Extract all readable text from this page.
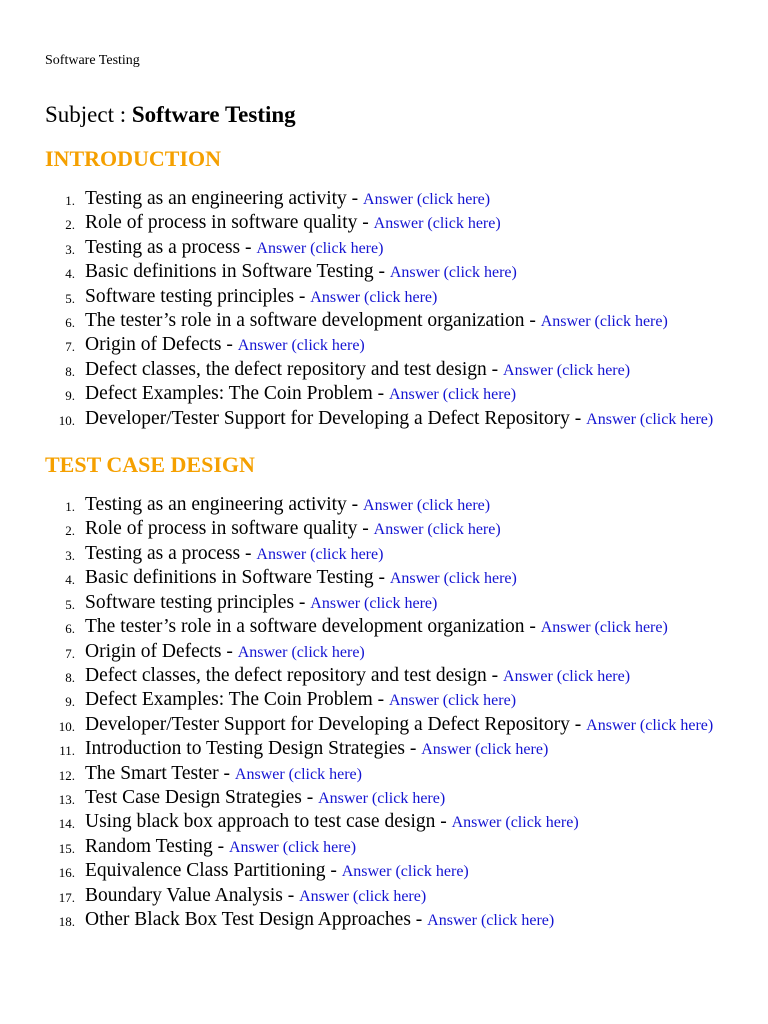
Software Testing

Subject : Software Testing
INTRODUCTION
1. Testing as an engineering activity - Answer (click here)
2. Role of process in software quality - Answer (click here)
3. Testing as a process - Answer (click here)
4. Basic definitions in Software Testing - Answer (click here)
5. Software testing principles - Answer (click here)
6. The tester’s role in a software development organization - Answer (click here)
7. Origin of Defects - Answer (click here)
8. Defect classes, the defect repository and test design - Answer (click here)
9. Defect Examples: The Coin Problem - Answer (click here)
10. Developer/Tester Support for Developing a Defect Repository - Answer (click here)
TEST CASE DESIGN
1. Testing as an engineering activity - Answer (click here)
2. Role of process in software quality - Answer (click here)
3. Testing as a process - Answer (click here)
4. Basic definitions in Software Testing - Answer (click here)
5. Software testing principles - Answer (click here)
6. The tester’s role in a software development organization - Answer (click here)
7. Origin of Defects - Answer (click here)
8. Defect classes, the defect repository and test design - Answer (click here)
9. Defect Examples: The Coin Problem - Answer (click here)
10. Developer/Tester Support for Developing a Defect Repository - Answer (click here)
11. Introduction to Testing Design Strategies - Answer (click here)
12. The Smart Tester - Answer (click here)
13. Test Case Design Strategies - Answer (click here)
14. Using black box approach to test case design - Answer (click here)
15. Random Testing - Answer (click here)
16. Equivalence Class Partitioning - Answer (click here)
17. Boundary Value Analysis - Answer (click here)
18. Other Black Box Test Design Approaches - Answer (click here)
